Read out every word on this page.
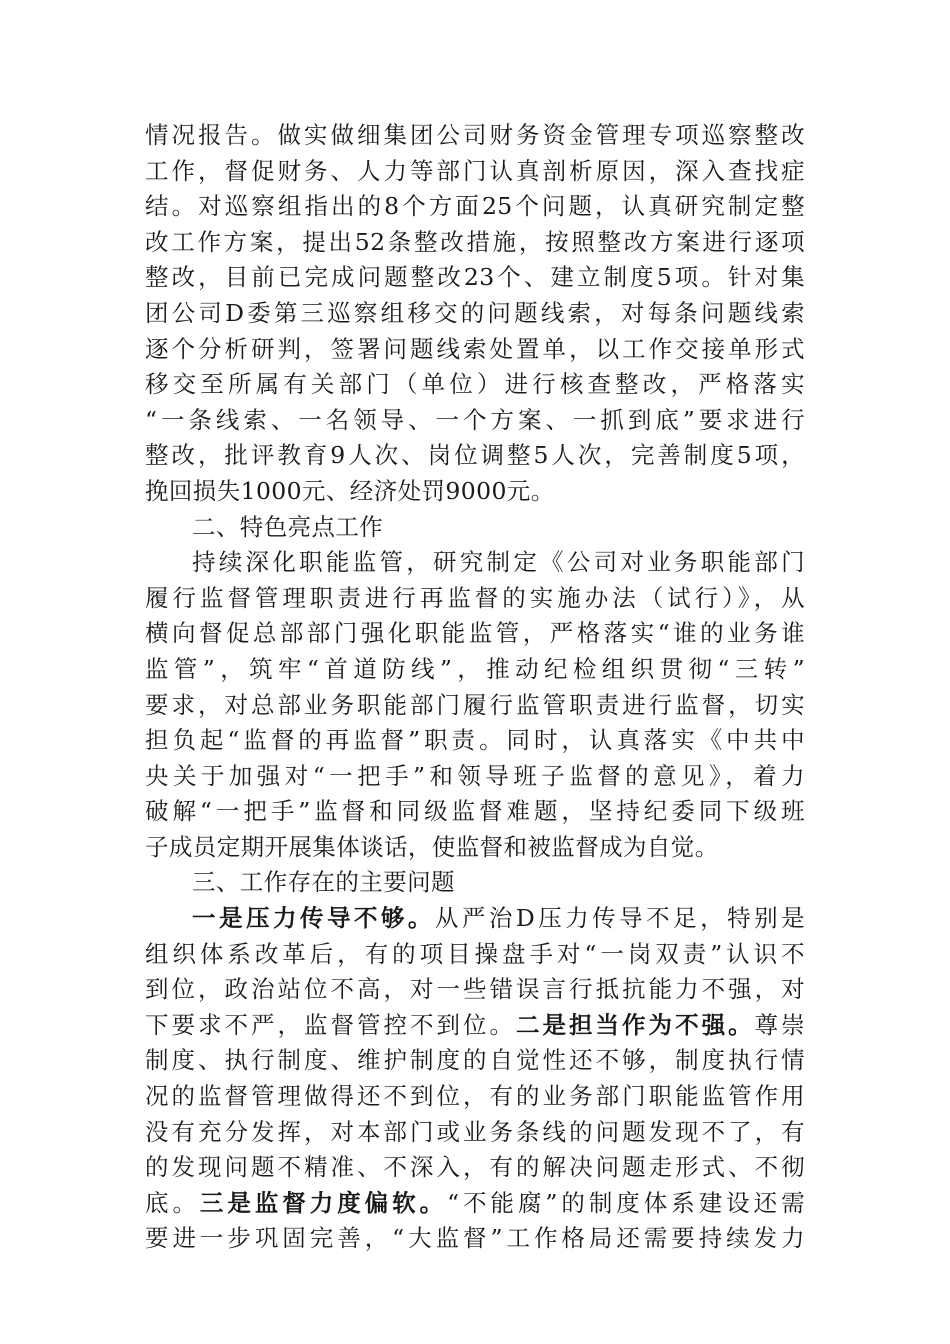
情况报告。做实做细集团公司财务资金管理专项巡察整改
工作，督促财务、人力等部门认真剖析原因，深入查找症
结。对巡察组指出的8个方面25个问题，认真研究制定整
改工作方案，提出52条整改措施，按照整改方案进行逐项
整改，目前已完成问题整改23个、建立制度5项。针对集
团公司D委第三巡察组移交的问题线索，对每条问题线索
逐个分析研判，签署问题线索处置单，以工作交接单形式
移交至所属有关部门（单位）进行核查整改，严格落实
“一条线索、一名领导、一个方案、一抓到底”要求进行
整改，批评教育9人次、岗位调整5人次，完善制度5项，
挽回损失1000元、经济处罚9000元。
二、特色亮点工作
持续深化职能监管，研究制定《公司对业务职能部门
履行监督管理职责进行再监督的实施办法（试行）》，从
横向督促总部部门强化职能监管，严格落实“谁的业务谁
监管”，筑牢“首道防线”，推动纪检组织贯彻“三转”
要求，对总部业务职能部门履行监管职责进行监督，切实
担负起“监督的再监督”职责。同时，认真落实《中共中
央关于加强对“一把手”和领导班子监督的意见》，着力
破解“一把手”监督和同级监督难题，坚持纪委同下级班
子成员定期开展集体谈话，使监督和被监督成为自觉。
三、工作存在的主要问题
一是压力传导不够。从严治D压力传导不足，特别是
组织体系改革后，有的项目操盘手对“一岗双责”认识不
到位，政治站位不高，对一些错误言行抵抗能力不强，对
下要求不严，监督管控不到位。二是担当作为不强。尊崇
制度、执行制度、维护制度的自觉性还不够，制度执行情
况的监督管理做得还不到位，有的业务部门职能监管作用
没有充分发挥，对本部门或业务条线的问题发现不了，有
的发现问题不精准、不深入，有的解决问题走形式、不彻
底。三是监督力度偏软。“不能腐”的制度体系建设还需
要进一步巩固完善，“大监督”工作格局还需要持续发力
